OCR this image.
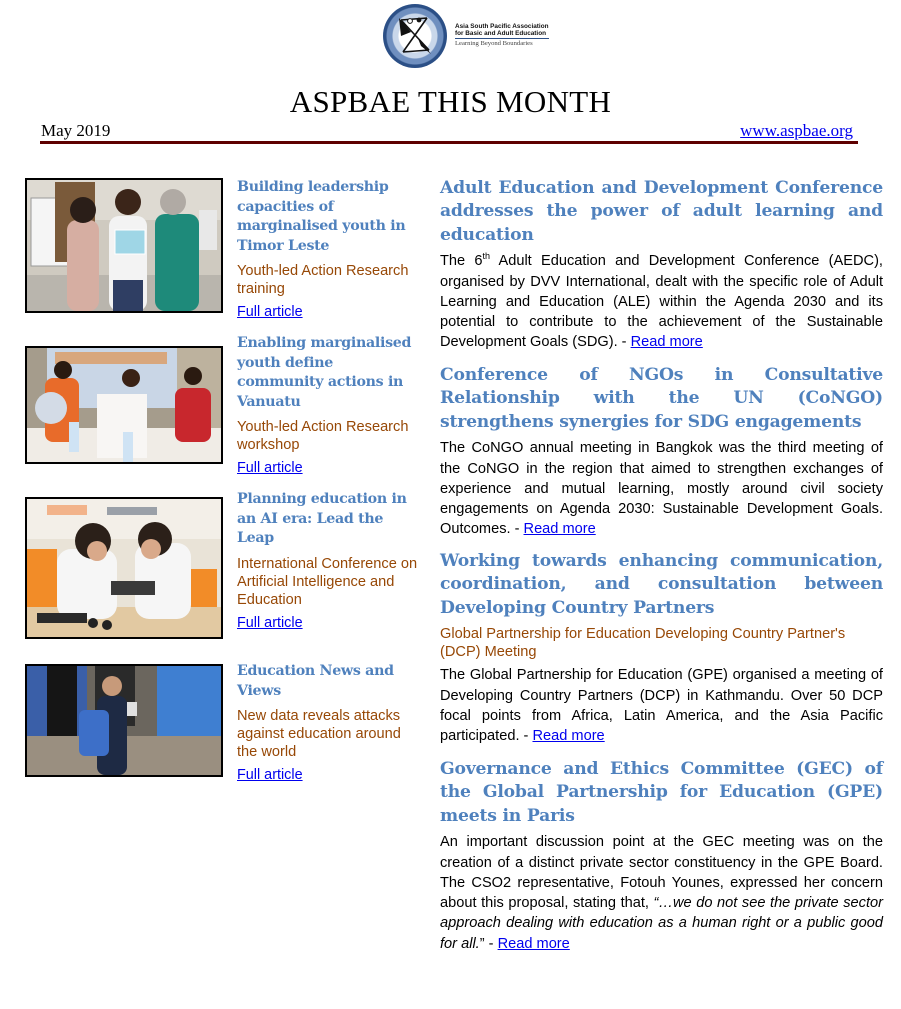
Asia South Pacific Association
for Basic and Adult Education
Learning Beyond Boundaries
ASPBAE THIS MONTH
May 2019	www.aspbae.org
Building leadership capacities of marginalised youth in Timor Leste
Youth-led Action Research training
Full article
Enabling marginalised youth define community actions in Vanuatu
Youth-led Action Research workshop
Full article
Planning education in an AI era: Lead the Leap
International Conference on Artificial Intelligence and Education
Full article
Education News and Views
New data reveals attacks against education around the world
Full article
Adult Education and Development Conference addresses the power of adult learning and education
The 6th Adult Education and Development Conference (AEDC), organised by DVV International, dealt with the specific role of Adult Learning and Education (ALE) within the Agenda 2030 and its potential to contribute to the achievement of the Sustainable Development Goals (SDG). - Read more
Conference of NGOs in Consultative Relationship with the UN (CoNGO) strengthens synergies for SDG engagements
The CoNGO annual meeting in Bangkok was the third meeting of the CoNGO in the region that aimed to strengthen exchanges of experience and mutual learning, mostly around civil society engagements on Agenda 2030: Sustainable Development Goals. Outcomes. - Read more
Working towards enhancing communication, coordination, and consultation between Developing Country Partners
Global Partnership for Education Developing Country Partner's (DCP) Meeting
The Global Partnership for Education (GPE) organised a meeting of Developing Country Partners (DCP) in Kathmandu. Over 50 DCP focal points from Africa, Latin America, and the Asia Pacific participated. - Read more
Governance and Ethics Committee (GEC) of the Global Partnership for Education (GPE) meets in Paris
An important discussion point at the GEC meeting was on the creation of a distinct private sector constituency in the GPE Board. The CSO2 representative, Fotouh Younes, expressed her concern about this proposal, stating that, “…we do not see the private sector approach dealing with education as a human right or a public good for all.” - Read more
